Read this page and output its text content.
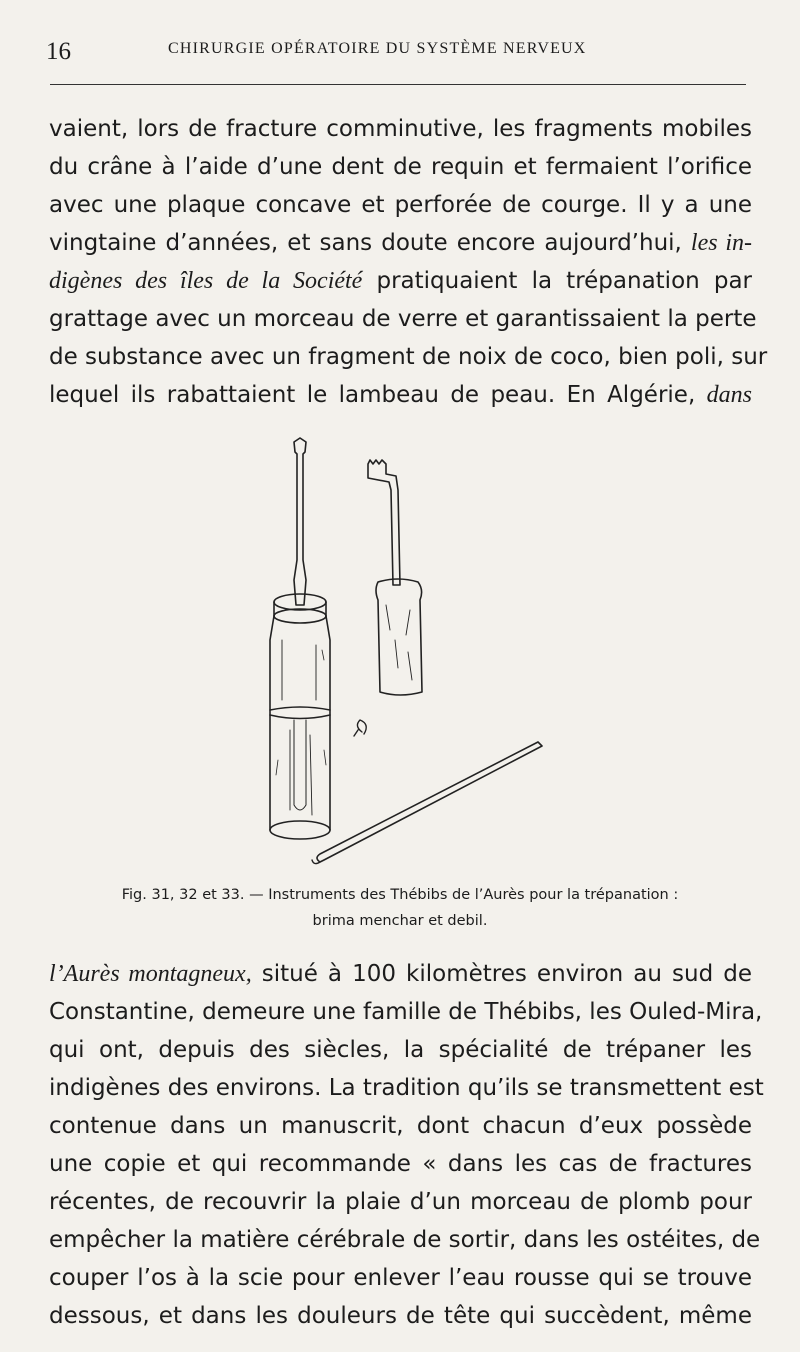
16	CHIRURGIE OPÉRATOIRE DU SYSTÈME NERVEUX
vaient, lors de fracture comminutive, les fragments mobiles
du crâne à l’aide d’une dent de requin et fermaient l’orifice
avec une plaque concave et perforée de courge. Il y a une
vingtaine d’années, et sans doute encore aujourd’hui, les in-
digènes des îles de la Société pratiquaient la trépanation par
grattage avec un morceau de verre et garantissaient la perte
de substance avec un fragment de noix de coco, bien poli, sur
lequel ils rabattaient le lambeau de peau. En Algérie, dans
Fig. 31, 32 et 33. — Instruments des Thébibs de l’Aurès pour la trépanation :
brima menchar et debil.
l’Aurès montagneux, situé à 100 kilomètres environ au sud de
Constantine, demeure une famille de Thébibs, les Ouled-Mira,
qui ont, depuis des siècles, la spécialité de trépaner les
indigènes des environs. La tradition qu’ils se transmettent est
contenue dans un manuscrit, dont chacun d’eux possède
une copie et qui recommande « dans les cas de fractures
récentes, de recouvrir la plaie d’un morceau de plomb pour
empêcher la matière cérébrale de sortir, dans les ostéites, de
couper l’os à la scie pour enlever l’eau rousse qui se trouve
dessous, et dans les douleurs de tête qui succèdent, même
